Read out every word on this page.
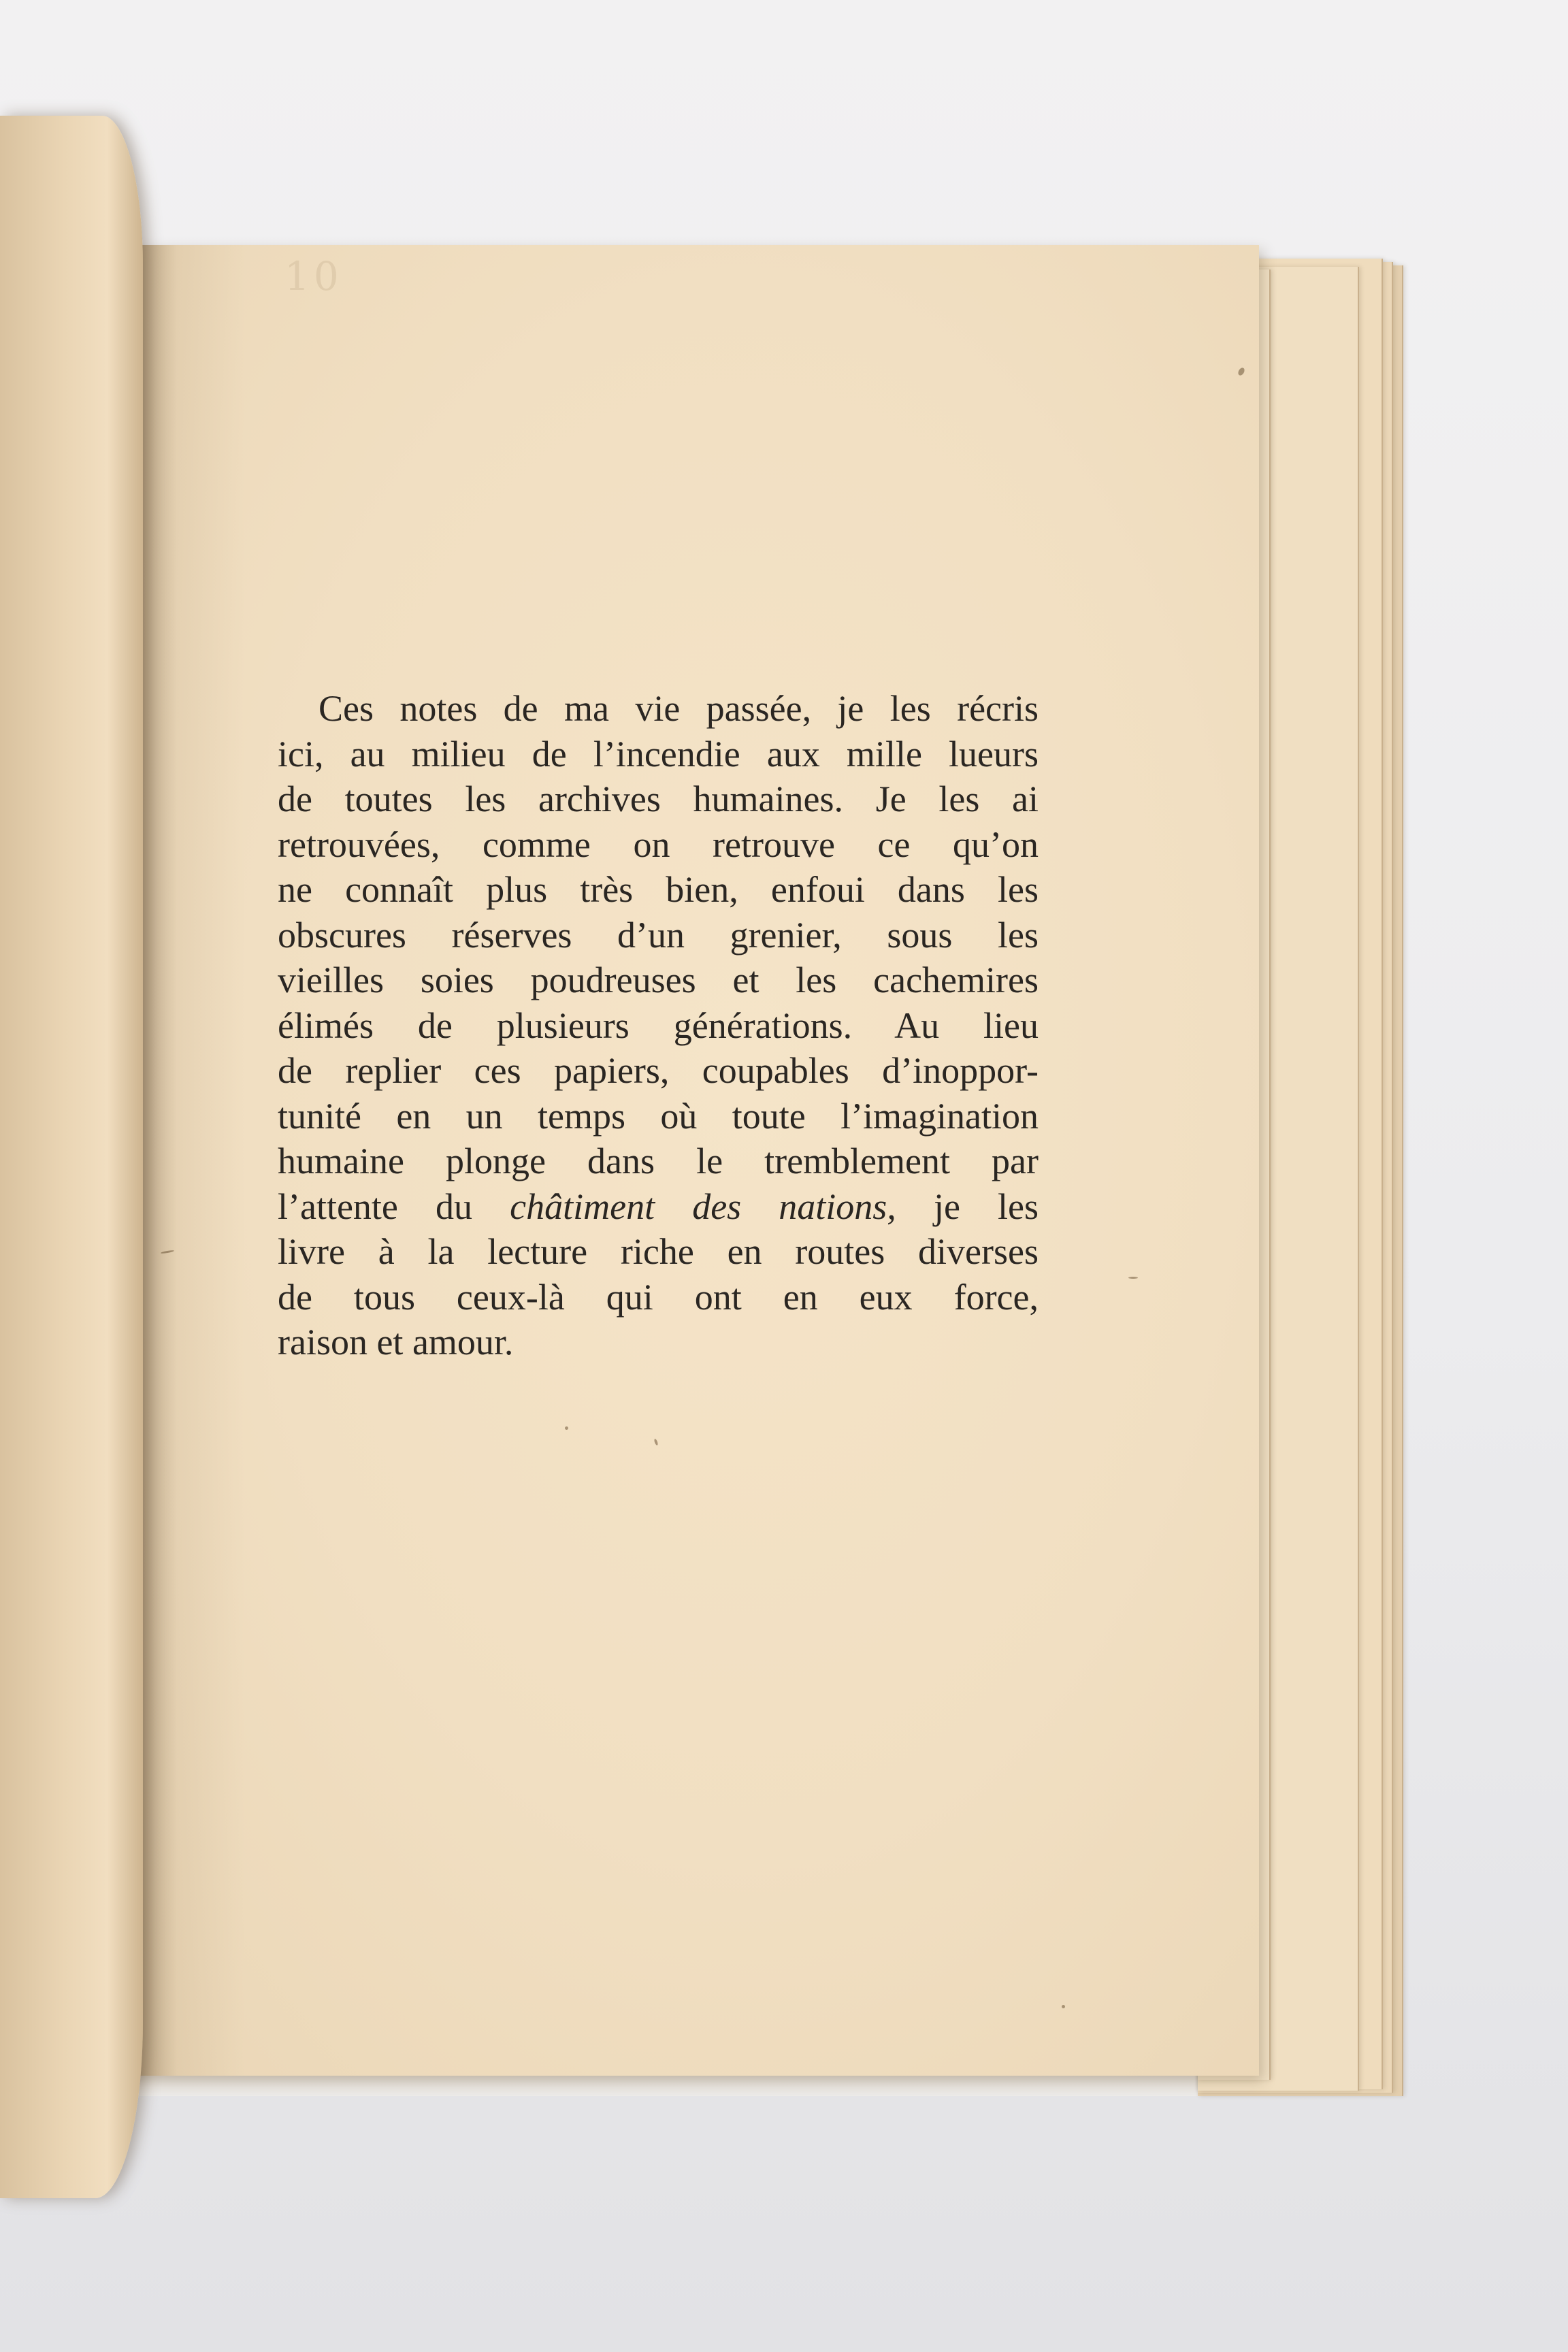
10
Ces notes de ma vie passée, je les récris
ici, au milieu de l’incendie aux mille lueurs
de toutes les archives humaines. Je les ai
retrouvées, comme on retrouve ce qu’on
ne connaît plus très bien, enfoui dans les
obscures réserves d’un grenier, sous les
vieilles soies poudreuses et les cachemires
élimés de plusieurs générations. Au lieu
de replier ces papiers, coupables d’inoppor-
tunité en un temps où toute l’imagination
humaine plonge dans le tremblement par
l’attente du châtiment des nations, je les
livre à la lecture riche en routes diverses
de tous ceux-là qui ont en eux force,
raison et amour.
